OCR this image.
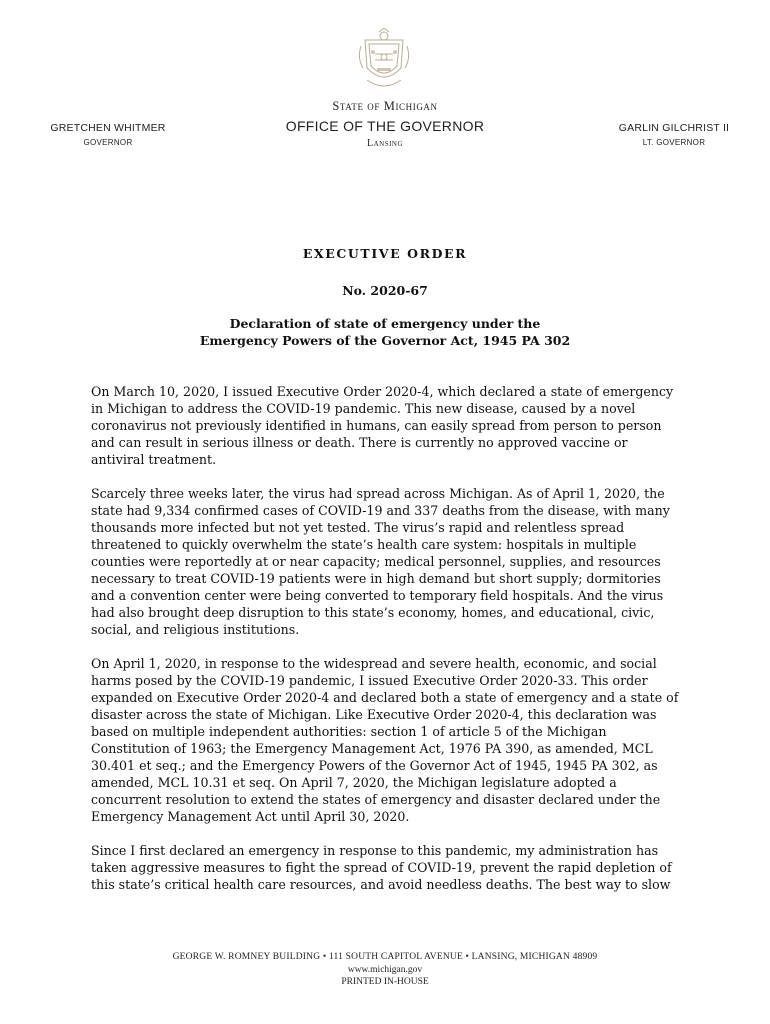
State of Michigan
OFFICE OF THE GOVERNOR
Lansing
GRETCHEN WHITMER
GOVERNOR
GARLIN GILCHRIST II
LT. GOVERNOR
EXECUTIVE ORDER
No. 2020-67
Declaration of state of emergency under the
Emergency Powers of the Governor Act, 1945 PA 302

On March 10, 2020, I issued Executive Order 2020-4, which declared a state of emergency in Michigan to address the COVID-19 pandemic. This new disease, caused by a novel coronavirus not previously identified in humans, can easily spread from person to person and can result in serious illness or death. There is currently no approved vaccine or antiviral treatment.

Scarcely three weeks later, the virus had spread across Michigan. As of April 1, 2020, the state had 9,334 confirmed cases of COVID-19 and 337 deaths from the disease, with many thousands more infected but not yet tested. The virus’s rapid and relentless spread threatened to quickly overwhelm the state’s health care system: hospitals in multiple counties were reportedly at or near capacity; medical personnel, supplies, and resources necessary to treat COVID-19 patients were in high demand but short supply; dormitories and a convention center were being converted to temporary field hospitals. And the virus had also brought deep disruption to this state’s economy, homes, and educational, civic, social, and religious institutions.

On April 1, 2020, in response to the widespread and severe health, economic, and social harms posed by the COVID-19 pandemic, I issued Executive Order 2020-33. This order expanded on Executive Order 2020-4 and declared both a state of emergency and a state of disaster across the state of Michigan. Like Executive Order 2020-4, this declaration was based on multiple independent authorities: section 1 of article 5 of the Michigan Constitution of 1963; the Emergency Management Act, 1976 PA 390, as amended, MCL 30.401 et seq.; and the Emergency Powers of the Governor Act of 1945, 1945 PA 302, as amended, MCL 10.31 et seq. On April 7, 2020, the Michigan legislature adopted a concurrent resolution to extend the states of emergency and disaster declared under the Emergency Management Act until April 30, 2020.

Since I first declared an emergency in response to this pandemic, my administration has taken aggressive measures to fight the spread of COVID-19, prevent the rapid depletion of this state’s critical health care resources, and avoid needless deaths. The best way to slow

GEORGE W. ROMNEY BUILDING • 111 SOUTH CAPITOL AVENUE • LANSING, MICHIGAN 48909
www.michigan.gov
PRINTED IN-HOUSE
